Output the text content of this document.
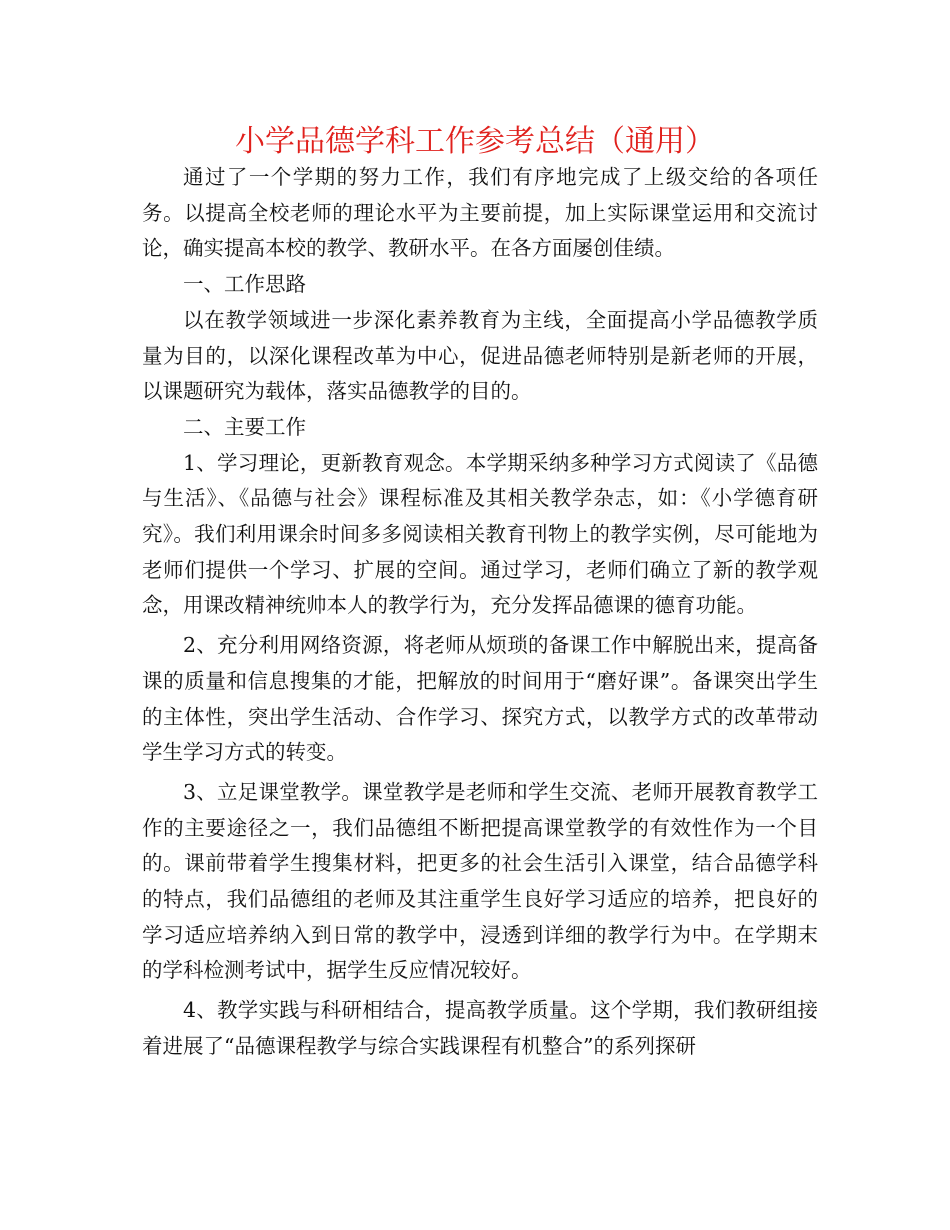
小学品德学科工作参考总结（通用）

通过了一个学期的努力工作，我们有序地完成了上级交给的各项任务。以提高全校老师的理论水平为主要前提，加上实际课堂运用和交流讨论，确实提高本校的教学、教研水平。在各方面屡创佳绩。

一、工作思路

以在教学领域进一步深化素养教育为主线，全面提高小学品德教学质量为目的，以深化课程改革为中心，促进品德老师特别是新老师的开展，以课题研究为载体，落实品德教学的目的。

二、主要工作

1、学习理论，更新教育观念。本学期采纳多种学习方式阅读了《品德与生活》、《品德与社会》课程标准及其相关教学杂志，如：《小学德育研究》。我们利用课余时间多多阅读相关教育刊物上的教学实例，尽可能地为老师们提供一个学习、扩展的空间。通过学习，老师们确立了新的教学观念，用课改精神统帅本人的教学行为，充分发挥品德课的德育功能。

2、充分利用网络资源，将老师从烦琐的备课工作中解脱出来，提高备课的质量和信息搜集的才能，把解放的时间用于“磨好课”。备课突出学生的主体性，突出学生活动、合作学习、探究方式，以教学方式的改革带动学生学习方式的转变。

3、立足课堂教学。课堂教学是老师和学生交流、老师开展教育教学工作的主要途径之一，我们品德组不断把提高课堂教学的有效性作为一个目的。课前带着学生搜集材料，把更多的社会生活引入课堂，结合品德学科的特点，我们品德组的老师及其注重学生良好学习适应的培养，把良好的学习适应培养纳入到日常的教学中，浸透到详细的教学行为中。在学期末的学科检测考试中，据学生反应情况较好。

4、教学实践与科研相结合，提高教学质量。这个学期，我们教研组接着进展了“品德课程教学与综合实践课程有机整合”的系列探研
